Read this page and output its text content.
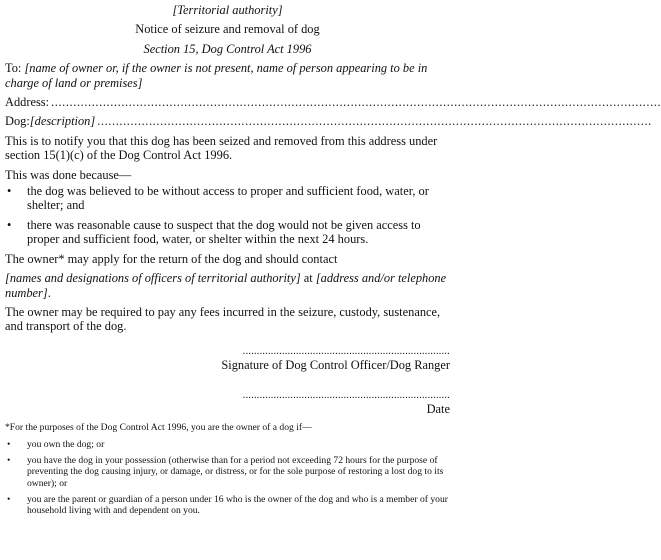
[Territorial authority]
Notice of seizure and removal of dog
Section 15, Dog Control Act 1996
To: [name of owner or, if the owner is not present, name of person appearing to be in charge of land or premises]
Address: .....................................................................................................................................................................
Dog: [description] ......................................................................................................................................................
This is to notify you that this dog has been seized and removed from this address under section 15(1)(c) of the Dog Control Act 1996.
This was done because—
•	the dog was believed to be without access to proper and sufficient food, water, or shelter; and
•	there was reasonable cause to suspect that the dog would not be given access to proper and sufficient food, water, or shelter within the next 24 hours.
The owner* may apply for the return of the dog and should contact
[names and designations of officers of territorial authority] at [address and/or telephone number].
The owner may be required to pay any fees incurred in the seizure, custody, sustenance, and transport of the dog.
..........................................................................
Signature of Dog Control Officer/Dog Ranger
..........................................................................
Date
*For the purposes of the Dog Control Act 1996, you are the owner of a dog if—
•	you own the dog; or
•	you have the dog in your possession (otherwise than for a period not exceeding 72 hours for the purpose of preventing the dog causing injury, or damage, or distress, or for the sole purpose of restoring a lost dog to its owner); or
•	you are the parent or guardian of a person under 16 who is the owner of the dog and who is a member of your household living with and dependent on you.
